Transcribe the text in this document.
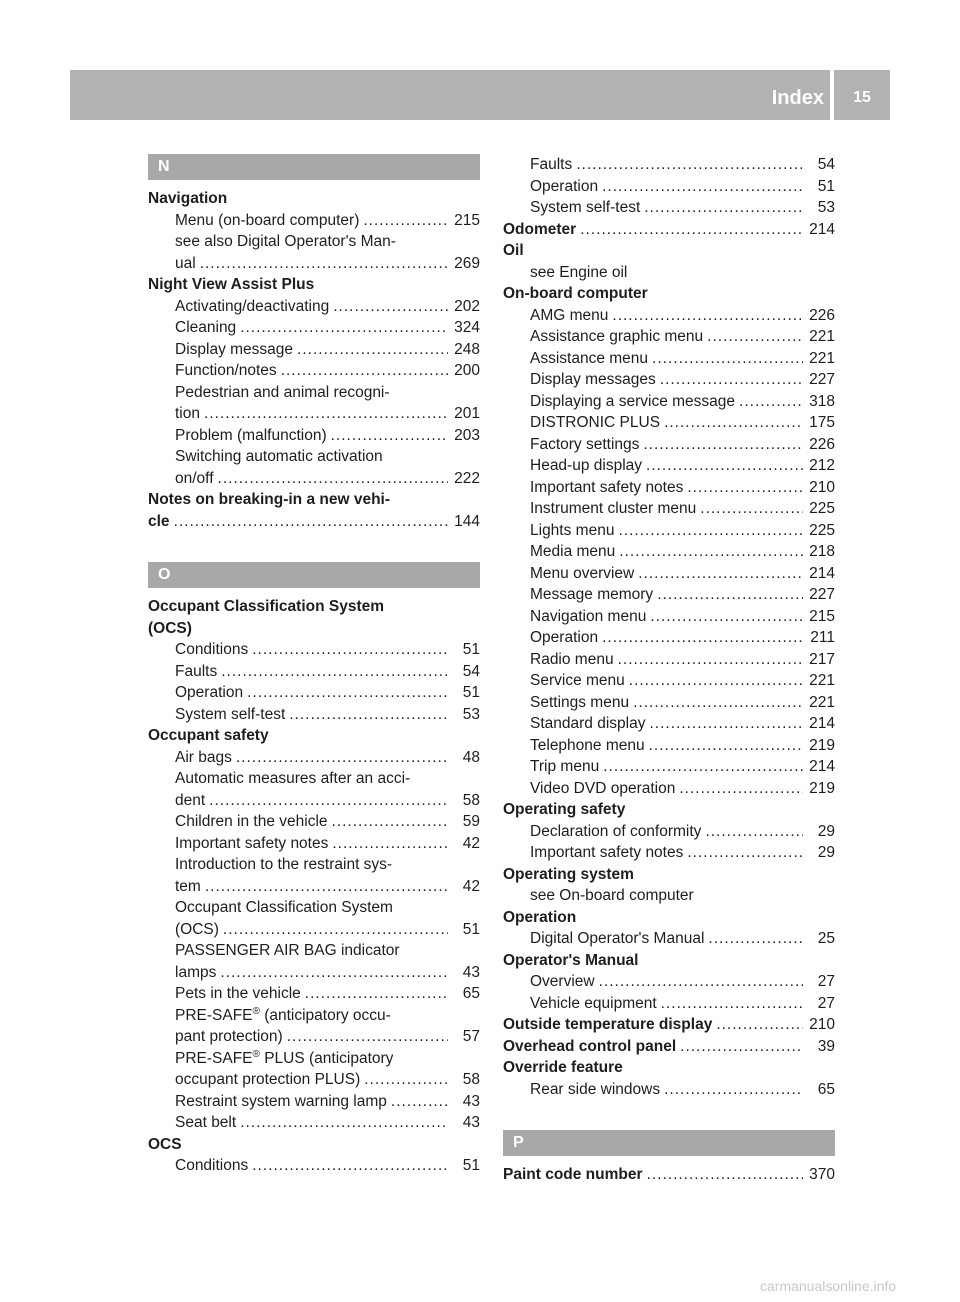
Index	15
N
Navigation
Menu (on-board computer) .....	215
see also Digital Operator's Man-
ual .....	269
Night View Assist Plus
Activating/deactivating .....	202
Cleaning .....	324
Display message .....	248
Function/notes .....	200
Pedestrian and animal recogni-
tion .....	201
Problem (malfunction) .....	203
Switching automatic activation
on/off .....	222
Notes on breaking-in a new vehi-
cle .....	144
O
Occupant Classification System
(OCS)
Conditions .....	51
Faults .....	54
Operation .....	51
System self-test .....	53
Occupant safety
Air bags .....	48
Automatic measures after an acci-
dent .....	58
Children in the vehicle .....	59
Important safety notes .....	42
Introduction to the restraint sys-
tem .....	42
Occupant Classification System
(OCS) .....	51
PASSENGER AIR BAG indicator
lamps .....	43
Pets in the vehicle .....	65
PRE-SAFE® (anticipatory occu-
pant protection) .....	57
PRE-SAFE® PLUS (anticipatory
occupant protection PLUS) .....	58
Restraint system warning lamp .....	43
Seat belt .....	43
OCS
Conditions .....	51
Faults .....	54
Operation .....	51
System self-test .....	53
Odometer .....	214
Oil
see Engine oil
On-board computer
AMG menu .....	226
Assistance graphic menu .....	221
Assistance menu .....	221
Display messages .....	227
Displaying a service message .....	318
DISTRONIC PLUS .....	175
Factory settings .....	226
Head-up display .....	212
Important safety notes .....	210
Instrument cluster menu .....	225
Lights menu .....	225
Media menu .....	218
Menu overview .....	214
Message memory .....	227
Navigation menu .....	215
Operation .....	211
Radio menu .....	217
Service menu .....	221
Settings menu .....	221
Standard display .....	214
Telephone menu .....	219
Trip menu .....	214
Video DVD operation .....	219
Operating safety
Declaration of conformity .....	29
Important safety notes .....	29
Operating system
see On-board computer
Operation
Digital Operator's Manual .....	25
Operator's Manual
Overview .....	27
Vehicle equipment .....	27
Outside temperature display .....	210
Overhead control panel .....	39
Override feature
Rear side windows .....	65
P
Paint code number .....	370
carmanualsonline.info
